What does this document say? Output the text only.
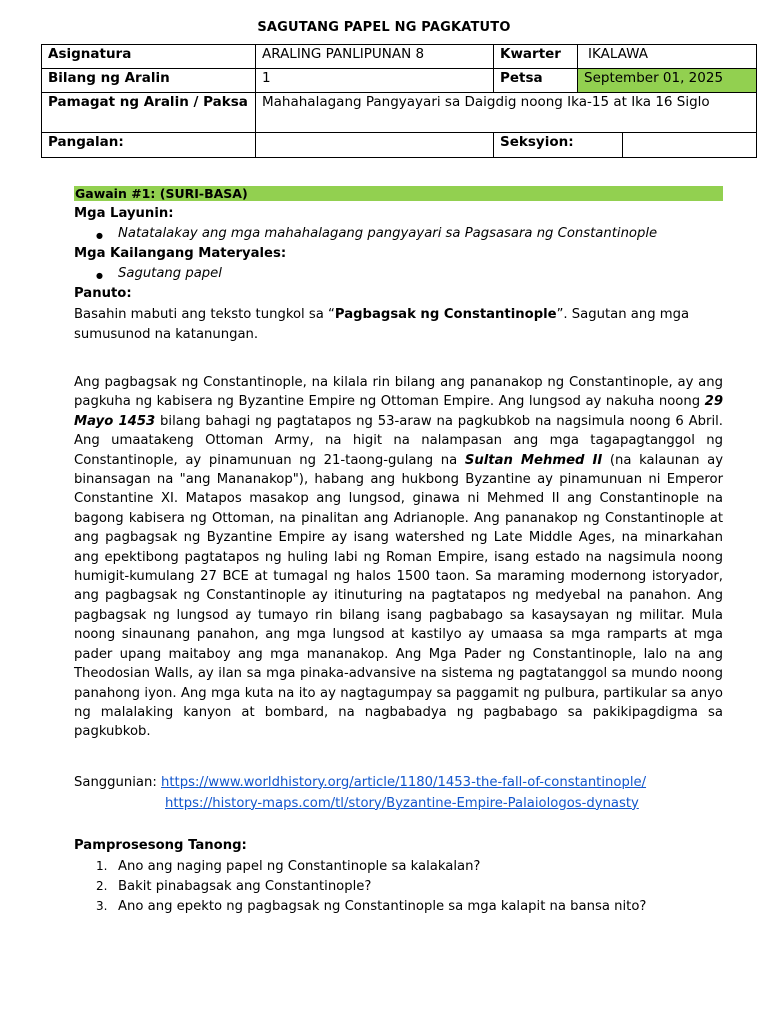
SAGUTANG PAPEL NG PAGKATUTO
Asignatura	ARALING PANLIPUNAN 8	Kwarter	IKALAWA
Bilang ng Aralin	1	Petsa	September 01, 2025
Pamagat ng Aralin / Paksa	Mahahalagang Pangyayari sa Daigdig noong Ika-15 at Ika 16 Siglo		
Pangalan:		Seksyion:	
Gawain #1: (SURI-BASA)
Mga Layunin:
● Natatalakay ang mga mahahalagang pangyayari sa Pagsasara ng Constantinople
Mga Kailangang Materyales:
● Sagutang papel
Panuto:
Basahin mabuti ang teksto tungkol sa “Pagbagsak ng Constantinople”. Sagutan ang mga sumusunod na katanungan.
Ang pagbagsak ng Constantinople, na kilala rin bilang ang pananakop ng Constantinople, ay ang pagkuha ng kabisera ng Byzantine Empire ng Ottoman Empire. Ang lungsod ay nakuha noong 29 Mayo 1453 bilang bahagi ng pagtatapos ng 53-araw na pagkubkob na nagsimula noong 6 Abril. Ang umaatakeng Ottoman Army, na higit na nalampasan ang mga tagapagtanggol ng Constantinople, ay pinamunuan ng 21-taong-gulang na Sultan Mehmed II (na kalaunan ay binansagan na "ang Mananakop"), habang ang hukbong Byzantine ay pinamunuan ni Emperor Constantine XI. Matapos masakop ang lungsod, ginawa ni Mehmed II ang Constantinople na bagong kabisera ng Ottoman, na pinalitan ang Adrianople. Ang pananakop ng Constantinople at ang pagbagsak ng Byzantine Empire ay isang watershed ng Late Middle Ages, na minarkahan ang epektibong pagtatapos ng huling labi ng Roman Empire, isang estado na nagsimula noong humigit-kumulang 27 BCE at tumagal ng halos 1500 taon. Sa maraming modernong istoryador, ang pagbagsak ng Constantinople ay itinuturing na pagtatapos ng medyebal na panahon. Ang pagbagsak ng lungsod ay tumayo rin bilang isang pagbabago sa kasaysayan ng militar. Mula noong sinaunang panahon, ang mga lungsod at kastilyo ay umaasa sa mga ramparts at mga pader upang maitaboy ang mga mananakop. Ang Mga Pader ng Constantinople, lalo na ang Theodosian Walls, ay ilan sa mga pinaka-advansive na sistema ng pagtatanggol sa mundo noong panahong iyon. Ang mga kuta na ito ay nagtagumpay sa paggamit ng pulbura, partikular sa anyo ng malalaking kanyon at bombard, na nagbabadya ng pagbabago sa pakikipagdigma sa pagkubkob.
Sanggunian: https://www.worldhistory.org/article/1180/1453-the-fall-of-constantinople/
https://history-maps.com/tl/story/Byzantine-Empire-Palaiologos-dynasty
Pamprosesong Tanong:
1. Ano ang naging papel ng Constantinople sa kalakalan?
2. Bakit pinabagsak ang Constantinople?
3. Ano ang epekto ng pagbagsak ng Constantinople sa mga kalapit na bansa nito?
